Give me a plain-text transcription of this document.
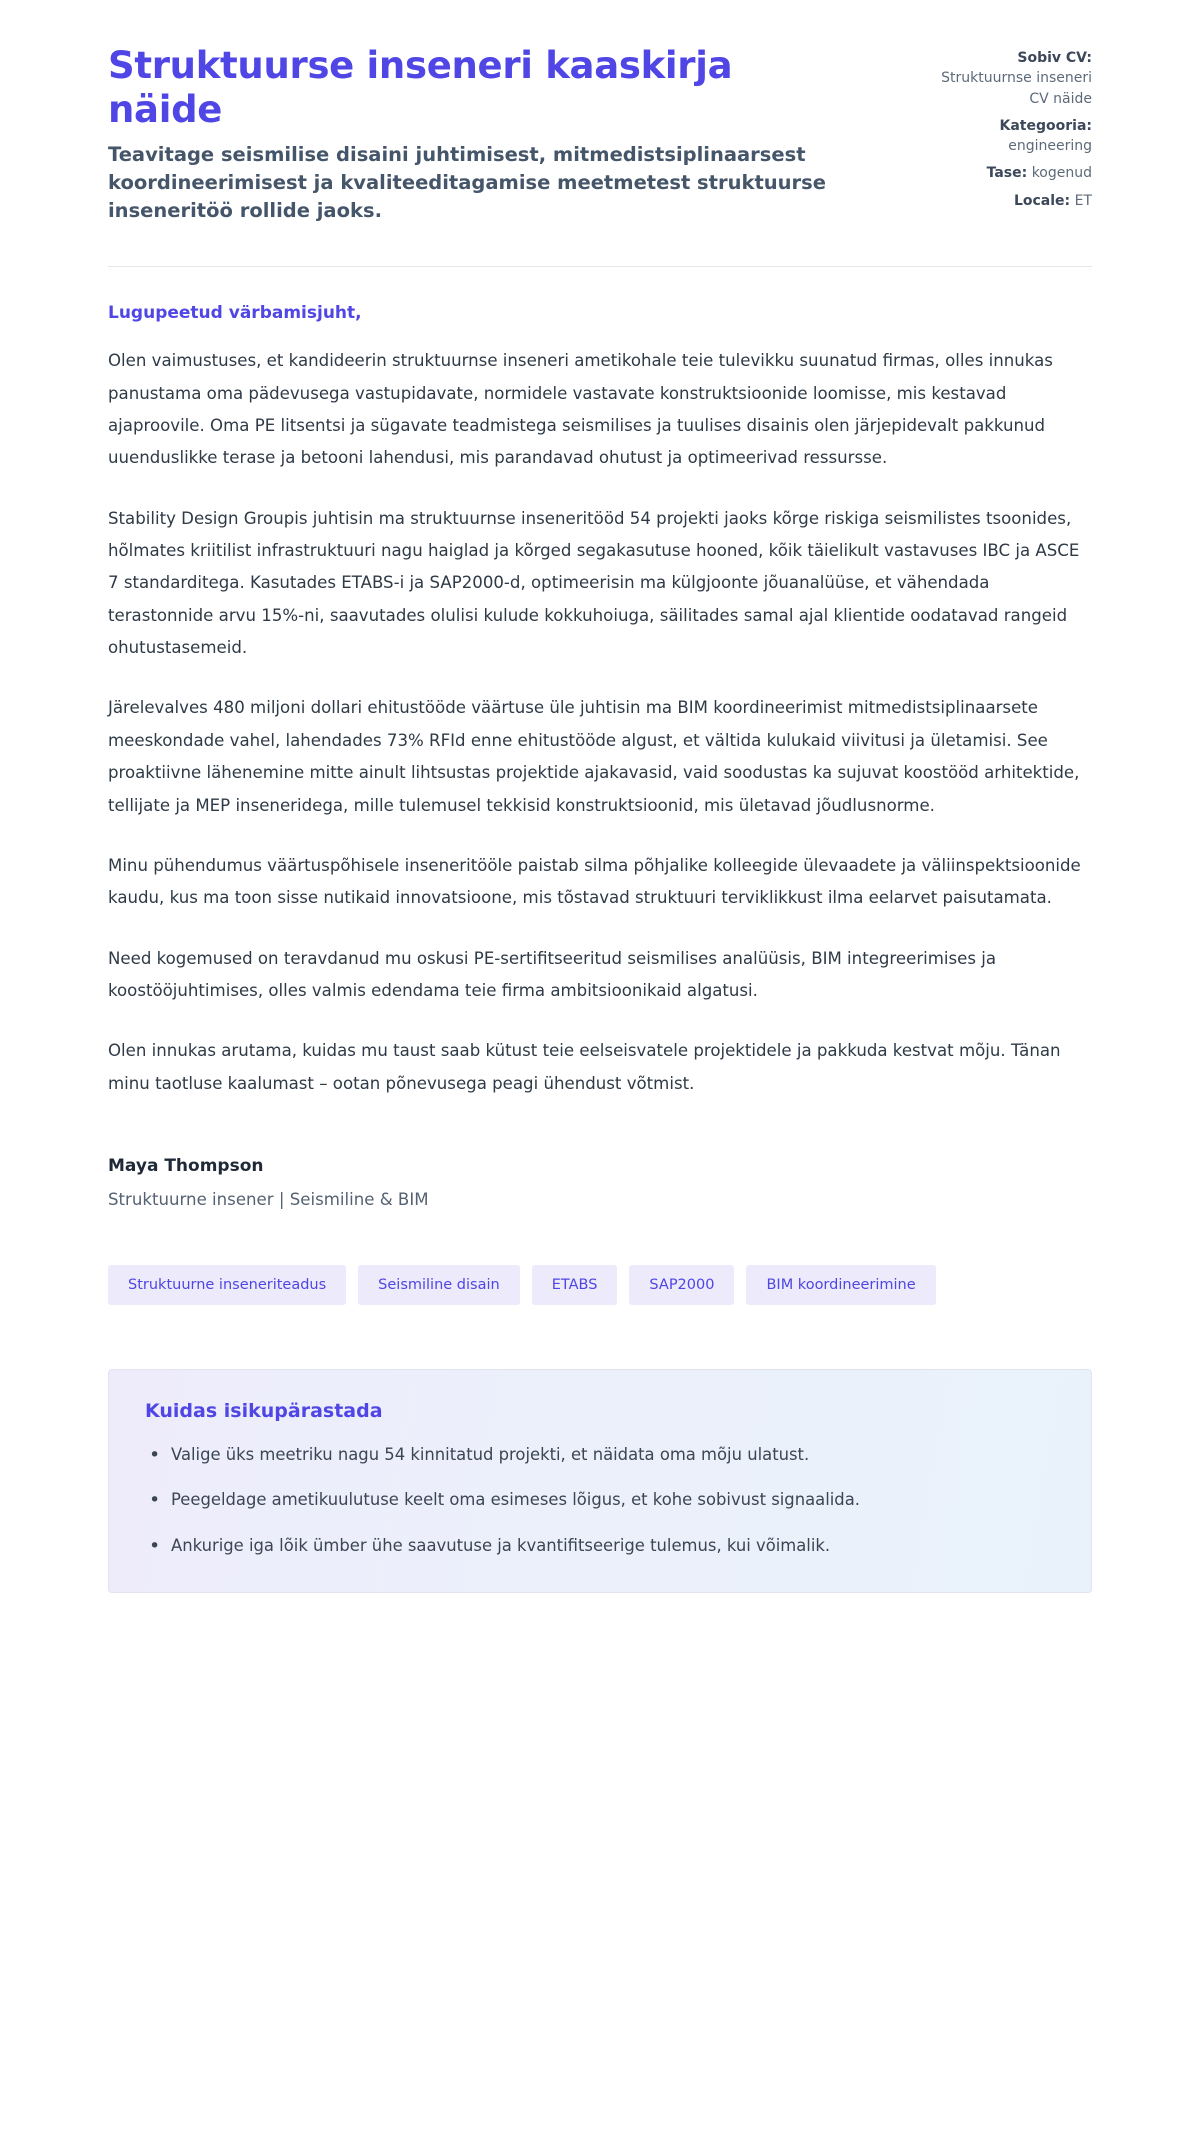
Struktuurse inseneri kaaskirja näide

Teavitage seismilise disaini juhtimisest, mitmedistsiplinaarsest koordineerimisest ja kvaliteeditagamise meetmetest struktuurse inseneritöö rollide jaoks.

Sobiv CV:
Struktuurnse inseneri CV näide
Kategooria:
engineering
Tase: kogenud
Locale: ET
Lugupeetud värbamisjuht,

Olen vaimustuses, et kandideerin struktuurnse inseneri ametikohale teie tulevikku suunatud firmas, olles innukas panustama oma pädevusega vastupidavate, normidele vastavate konstruktsioonide loomisse, mis kestavad ajaproovile. Oma PE litsentsi ja sügavate teadmistega seismilises ja tuulises disainis olen järjepidevalt pakkunud uuenduslikke terase ja betooni lahendusi, mis parandavad ohutust ja optimeerivad ressursse.

Stability Design Groupis juhtisin ma struktuurnse inseneritööd 54 projekti jaoks kõrge riskiga seismilistes tsoonides, hõlmates kriitilist infrastruktuuri nagu haiglad ja kõrged segakasutuse hooned, kõik täielikult vastavuses IBC ja ASCE 7 standarditega. Kasutades ETABS-i ja SAP2000-d, optimeerisin ma külgjoonte jõuanalüüse, et vähendada terastonnide arvu 15%-ni, saavutades olulisi kulude kokkuhoiuga, säilitades samal ajal klientide oodatavad rangeid ohutustasemeid.

Järelevalves 480 miljoni dollari ehitustööde väärtuse üle juhtisin ma BIM koordineerimist mitmedistsiplinaarsete meeskondade vahel, lahendades 73% RFId enne ehitustööde algust, et vältida kulukaid viivitusi ja ületamisi. See proaktiivne lähenemine mitte ainult lihtsustas projektide ajakavasid, vaid soodustas ka sujuvat koostööd arhitektide, tellijate ja MEP inseneridega, mille tulemusel tekkisid konstruktsioonid, mis ületavad jõudlusnorme.

Minu pühendumus väärtuspõhisele inseneritööle paistab silma põhjalike kolleegide ülevaadete ja väliinspektsioonide kaudu, kus ma toon sisse nutikaid innovatsioone, mis tõstavad struktuuri terviklikkust ilma eelarvet paisutamata.

Need kogemused on teravdanud mu oskusi PE-sertifitseeritud seismilises analüüsis, BIM integreerimises ja koostööjuhtimises, olles valmis edendama teie firma ambitsioonikaid algatusi.

Olen innukas arutama, kuidas mu taust saab kütust teie eelseisvatele projektidele ja pakkuda kestvat mõju. Tänan minu taotluse kaalumast – ootan põnevusega peagi ühendust võtmist.

Maya Thompson
Struktuurne insener | Seismiline & BIM
Struktuurne inseneriteadus	Seismiline disain	ETABS	SAP2000	BIM koordineerimine
Kuidas isikupärastada
• Valige üks meetriku nagu 54 kinnitatud projekti, et näidata oma mõju ulatust.
• Peegeldage ametikuulutuse keelt oma esimeses lõigus, et kohe sobivust signaalida.
• Ankurige iga lõik ümber ühe saavutuse ja kvantifitseerige tulemus, kui võimalik.
